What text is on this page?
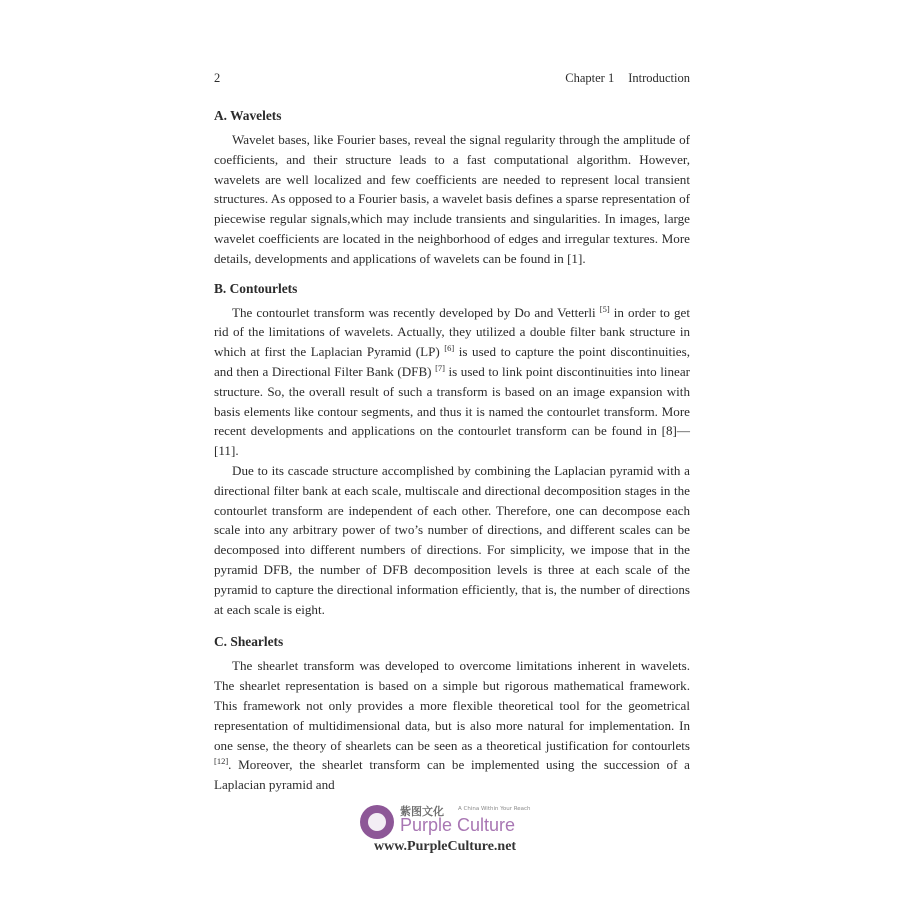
2	Chapter 1 Introduction
A. Wavelets

Wavelet bases, like Fourier bases, reveal the signal regularity through the amplitude of coefficients, and their structure leads to a fast computational algorithm. However, wavelets are well localized and few coefficients are needed to represent local transient structures. As opposed to a Fourier basis, a wavelet basis defines a sparse representation of piecewise regular signals,which may include transients and singularities. In images, large wavelet coefficients are located in the neighborhood of edges and irregular textures. More details, developments and applications of wavelets can be found in [1].

B. Contourlets

The contourlet transform was recently developed by Do and Vetterli [5] in order to get rid of the limitations of wavelets. Actually, they utilized a double filter bank structure in which at first the Laplacian Pyramid (LP) [6] is used to capture the point discontinuities, and then a Directional Filter Bank (DFB) [7] is used to link point discontinuities into linear structure. So, the overall result of such a transform is based on an image expansion with basis elements like contour segments, and thus it is named the contourlet transform. More recent developments and applications on the contourlet transform can be found in [8]—[11].

Due to its cascade structure accomplished by combining the Laplacian pyramid with a directional filter bank at each scale, multiscale and directional decomposition stages in the contourlet transform are independent of each other. Therefore, one can decompose each scale into any arbitrary power of two’s number of directions, and different scales can be decomposed into different numbers of directions. For simplicity, we impose that in the pyramid DFB, the number of DFB decomposition levels is three at each scale of the pyramid to capture the directional information efficiently, that is, the number of directions at each scale is eight.

C. Shearlets

The shearlet transform was developed to overcome limitations inherent in wavelets. The shearlet representation is based on a simple but rigorous mathematical framework. This framework not only provides a more flexible theoretical tool for the geometrical representation of multidimensional data, but is also more natural for implementation. In one sense, the theory of shearlets can be seen as a theoretical justification for contourlets [12]. Moreover, the shearlet transform can be implemented using the succession of a Laplacian pyramid and

紫图文化	A China Within Your Reach
Purple Culture
www.PurpleCulture.net
